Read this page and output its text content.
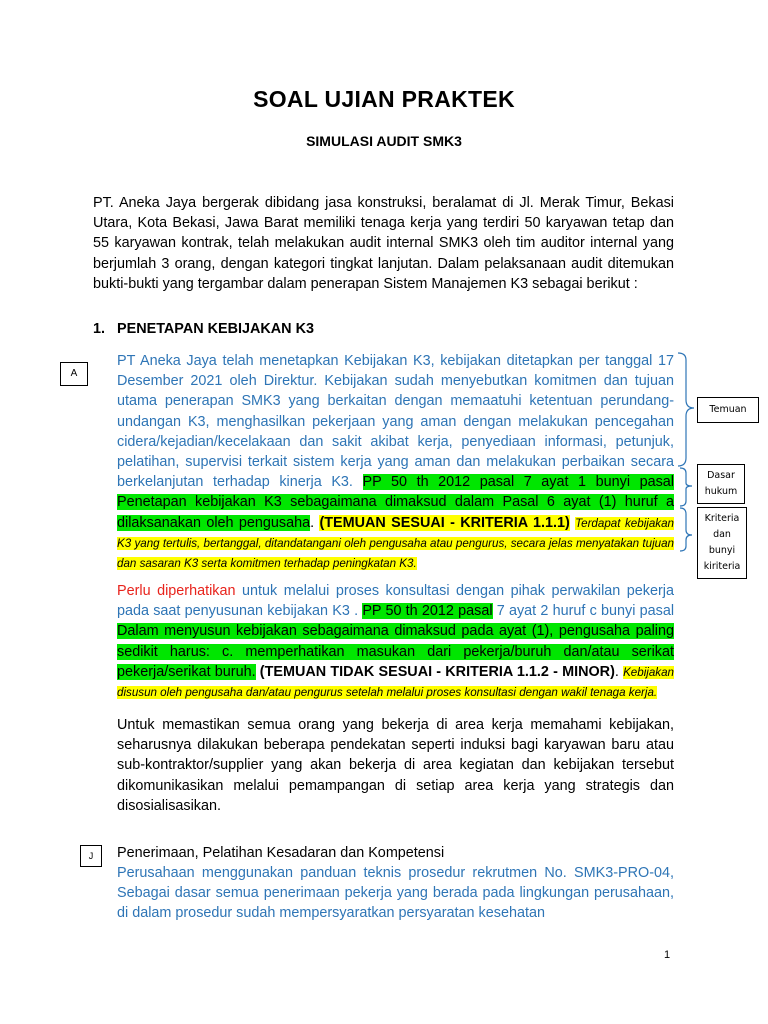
SOAL UJIAN PRAKTEK
SIMULASI AUDIT SMK3
PT. Aneka Jaya bergerak dibidang jasa konstruksi, beralamat di Jl. Merak Timur, Bekasi Utara, Kota Bekasi, Jawa Barat memiliki tenaga kerja yang terdiri 50 karyawan tetap dan 55 karyawan kontrak, telah melakukan audit internal SMK3 oleh tim auditor internal yang berjumlah 3 orang, dengan kategori tingkat lanjutan. Dalam pelaksanaan audit ditemukan bukti-bukti yang tergambar dalam penerapan Sistem Manajemen K3 sebagai berikut :
1. PENETAPAN KEBIJAKAN K3
A
PT Aneka Jaya telah menetapkan Kebijakan K3, kebijakan ditetapkan per tanggal 17 Desember 2021 oleh Direktur. Kebijakan sudah menyebutkan komitmen dan tujuan utama penerapan SMK3 yang berkaitan dengan memaatuhi ketentuan perundang-undangan K3, menghasilkan pekerjaan yang aman dengan melakukan pencegahan cidera/kejadian/kecelakaan dan sakit akibat kerja, penyediaan informasi, petunjuk, pelatihan, supervisi terkait sistem kerja yang aman dan melakukan perbaikan secara berkelanjutan terhadap kinerja K3. PP 50 th 2012 pasal 7 ayat 1 bunyi pasal Penetapan kebijakan K3 sebagaimana dimaksud dalam Pasal 6 ayat (1) huruf a dilaksanakan oleh pengusaha. (TEMUAN SESUAI - KRITERIA 1.1.1) Terdapat kebijakan K3 yang tertulis, bertanggal, ditandatangani oleh pengusaha atau pengurus, secara jelas menyatakan tujuan dan sasaran K3 serta komitmen terhadap peningkatan K3.
Perlu diperhatikan untuk melalui proses konsultasi dengan pihak perwakilan pekerja pada saat penyusunan kebijakan K3 . PP 50 th 2012 pasal 7 ayat 2 huruf c bunyi pasal Dalam menyusun kebijakan sebagaimana dimaksud pada ayat (1), pengusaha paling sedikit harus: c. memperhatikan masukan dari pekerja/buruh dan/atau serikat pekerja/serikat buruh. (TEMUAN TIDAK SESUAI - KRITERIA 1.1.2 - MINOR). Kebijakan disusun oleh pengusaha dan/atau pengurus setelah melalui proses konsultasi dengan wakil tenaga kerja.
Untuk memastikan semua orang yang bekerja di area kerja memahami kebijakan, seharusnya dilakukan beberapa pendekatan seperti induksi bagi karyawan baru atau sub-kontraktor/supplier yang akan bekerja di area kegiatan dan kebijakan tersebut dikomunikasikan melalui pemampangan di setiap area kerja yang strategis dan disosialisasikan.
J	Penerimaan, Pelatihan Kesadaran dan Kompetensi
Perusahaan menggunakan panduan teknis prosedur rekrutmen No. SMK3-PRO-04, Sebagai dasar semua penerimaan pekerja yang berada pada lingkungan perusahaan, di dalam prosedur sudah mempersyaratkan persyaratan kesehatan
Temuan
Dasar
hukum
Kriteria
dan
bunyi
kiriteria
1
